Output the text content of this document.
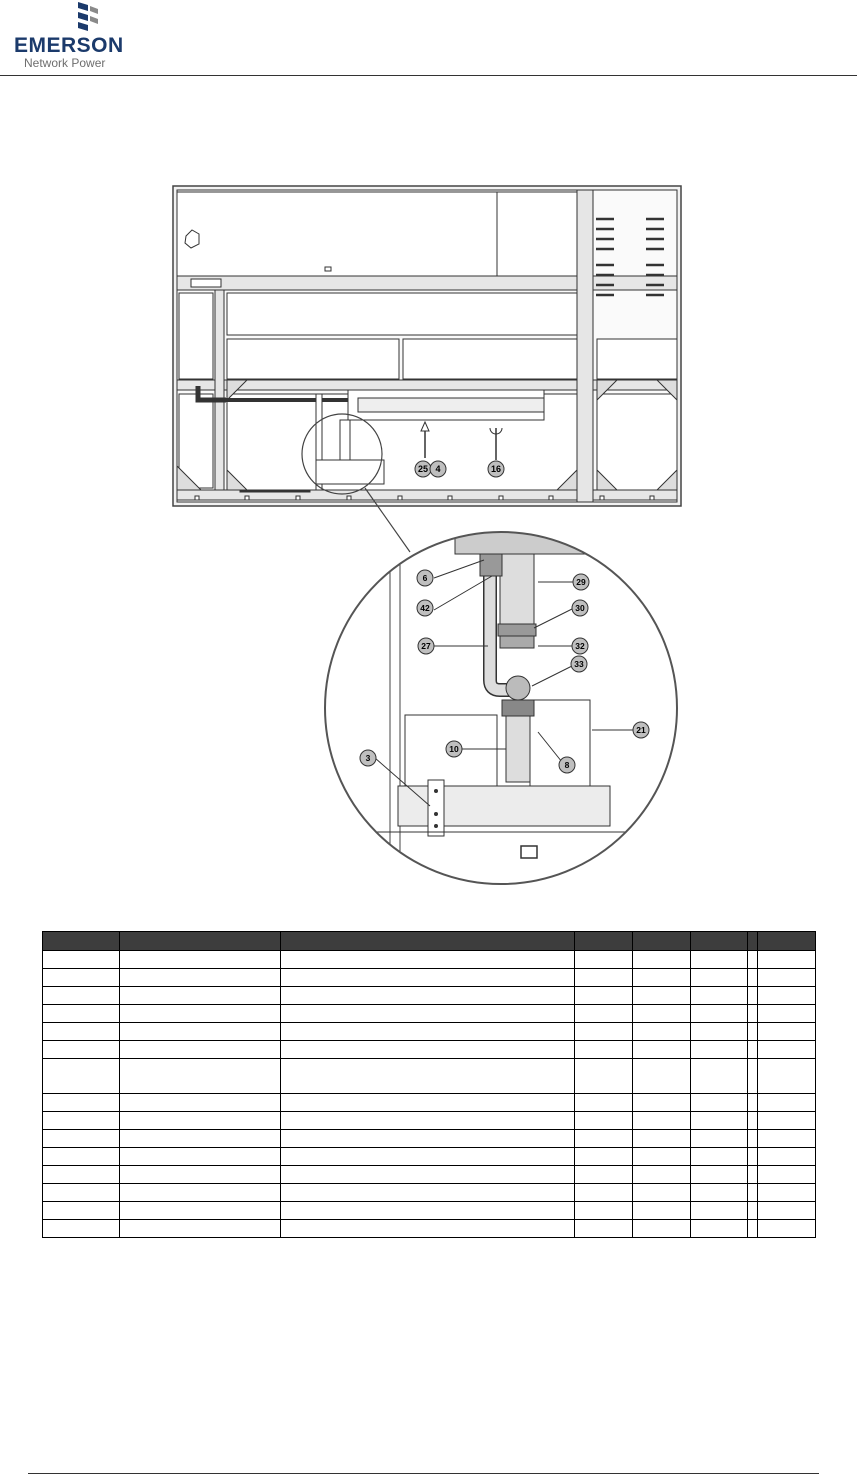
EMERSON
Network Power
25 4	16
6
42
29
30
27	32
33
21
10
8
3
